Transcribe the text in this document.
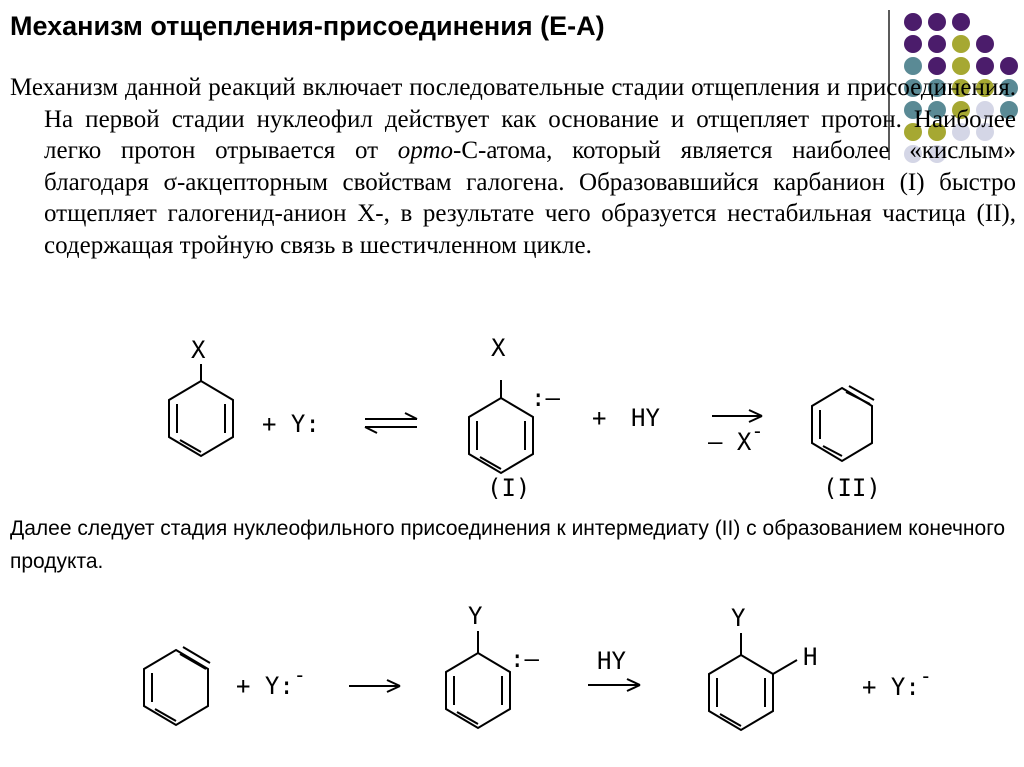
Механизм отщепления-присоединения (Е-А)

Механизм данной реакций включает последовательные стадии отщепления и присоединения. На первой стадии нуклеофил действует как основание и отщепляет протон. Наиболее легко протон отрывается от орто-С-атома, который является наиболее «кислым» благодаря σ-акцепторным свойствам галогена. Образовавшийся карбанион (I) быстро отщепляет галогенид-анион Х-, в результате чего образуется нестабильная частица (II), содержащая тройную связь в шестичленном цикле.

X
+ Y:
X
:–
+ HY
– X-
(I)	(II)

Далее следует стадия нуклеофильного присоединения к интермедиату (II) с образованием конечного продукта.

+ Y:-
Y
:– HY
Y
H
+ Y:-
